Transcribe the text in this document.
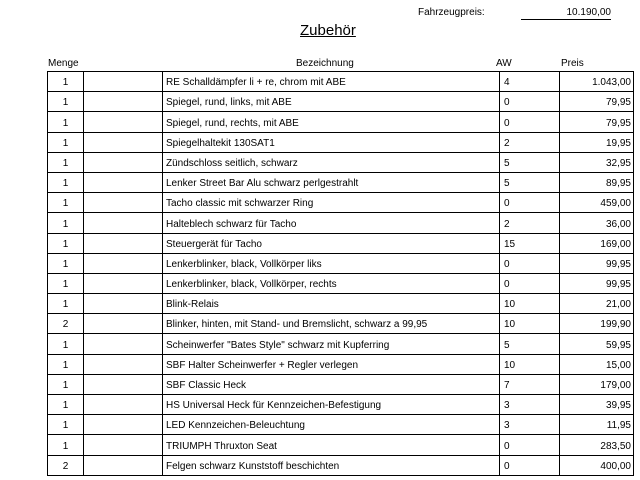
Fahrzeugpreis:	10.190,00
Zubehör
Menge	Bezeichnung	AW	Preis
1	RE Schalldämpfer li + re, chrom mit ABE	4	1.043,00
1	Spiegel, rund, links, mit ABE	0	79,95
1	Spiegel, rund, rechts, mit ABE	0	79,95
1	Spiegelhaltekit 130SAT1	2	19,95
1	Zündschloss seitlich, schwarz	5	32,95
1	Lenker Street Bar Alu schwarz perlgestrahlt	5	89,95
1	Tacho classic mit schwarzer Ring	0	459,00
1	Halteblech schwarz für Tacho	2	36,00
1	Steuergerät für Tacho	15	169,00
1	Lenkerblinker, black, Vollkörper liks	0	99,95
1	Lenkerblinker, black, Vollkörper, rechts	0	99,95
1	Blink-Relais	10	21,00
2	Blinker, hinten, mit Stand- und Bremslicht, schwarz a 99,95	10	199,90
1	Scheinwerfer "Bates Style" schwarz mit Kupferring	5	59,95
1	SBF Halter Scheinwerfer + Regler verlegen	10	15,00
1	SBF Classic Heck	7	179,00
1	HS Universal Heck für Kennzeichen-Befestigung	3	39,95
1	LED Kennzeichen-Beleuchtung	3	11,95
1	TRIUMPH Thruxton Seat	0	283,50
2	Felgen schwarz Kunststoff beschichten	0	400,00
